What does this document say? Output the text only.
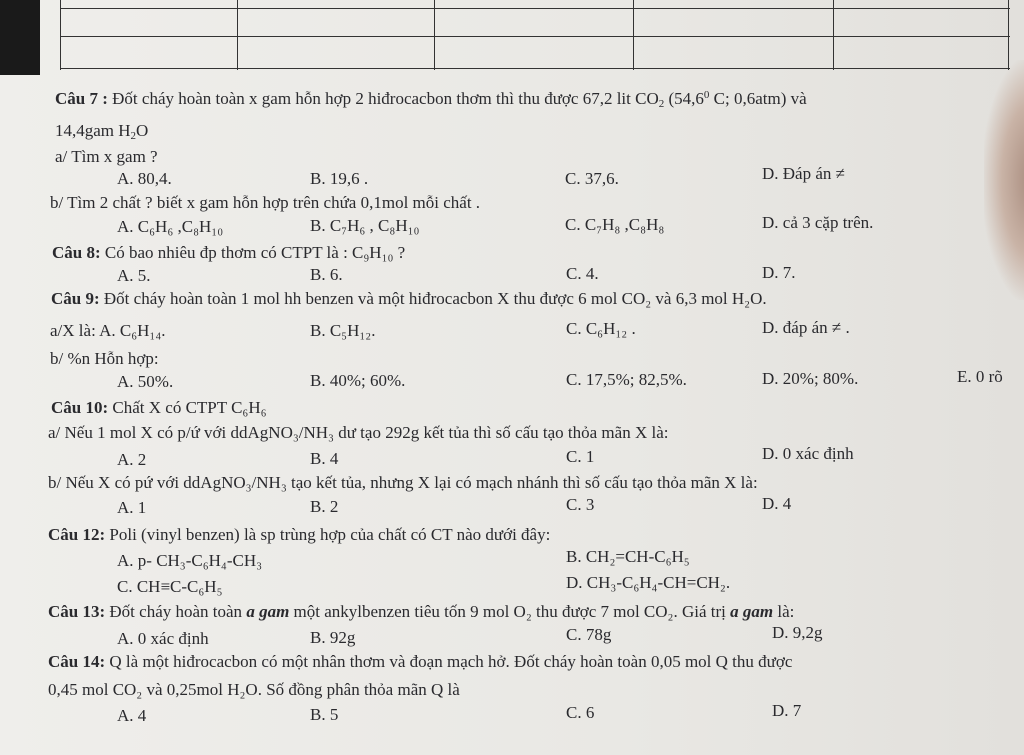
Câu 7 : Đốt cháy hoàn toàn x gam hỗn hợp 2 hiđrocacbon thơm thì thu được 67,2 lit $CO_2$ (54,6$^0$ C; 0,6atm) và
14,4gam $H_2O$
a/ Tìm x gam ?
A. 80,4.	B. 19,6 .	C. 37,6.	D. Đáp án ≠
b/ Tìm 2 chất ? biết x gam hỗn hợp trên chứa 0,1mol mỗi chất .
A. C₆H₆ ,C₈H₁₀	B. C₇H₆ , C₈H₁₀	C. C₇H₈ ,C₈H₈	D. cả 3 cặp trên.
Câu 8: Có bao nhiêu đp thơm có CTPT là : C₉H₁₀ ?
A. 5.	B. 6.	C. 4.	D. 7.
Câu 9: Đốt cháy hoàn toàn 1 mol hh benzen và một hiđrocacbon X thu được 6 mol CO₂ và 6,3 mol H₂O.
a/X là: A. C₆H₁₄.	B. C₅H₁₂.	C. C₆H₁₂ .	D. đáp án ≠ .
b/ %n Hỗn hợp:
A. 50%.	B. 40%; 60%.	C. 17,5%; 82,5%.	D. 20%; 80%.	E. 0 rõ
Câu 10: Chất X có CTPT C₆H₆
a/ Nếu 1 mol X có p/ứ với ddAgNO₃/NH₃ dư tạo 292g kết tủa thì số cấu tạo thỏa mãn X là:
A. 2	B. 4	C. 1	D. 0 xác định
b/ Nếu X có pứ với ddAgNO₃/NH₃ tạo kết tủa, nhưng X lại có mạch nhánh thì số cấu tạo thỏa mãn X là:
A. 1	B. 2	C. 3	D. 4
Câu 12: Poli (vinyl benzen) là sp trùng hợp của chất có CT nào dưới đây:
A. p- CH₃-C₆H₄-CH₃	B. CH₂=CH-C₆H₅
C. CH≡C-C₆H₅	D. CH₃-C₆H₄-CH=CH₂.
Câu 13: Đốt cháy hoàn toàn a gam một ankylbenzen tiêu tốn 9 mol O₂ thu được 7 mol CO₂. Giá trị a gam là:
A. 0 xác định	B. 92g	C. 78g	D. 9,2g
Câu 14: Q là một hiđrocacbon có một nhân thơm và đoạn mạch hở. Đốt cháy hoàn toàn 0,05 mol Q thu được
0,45 mol CO₂ và 0,25mol H₂O. Số đồng phân thỏa mãn Q là
A. 4	B. 5	C. 6	D. 7
